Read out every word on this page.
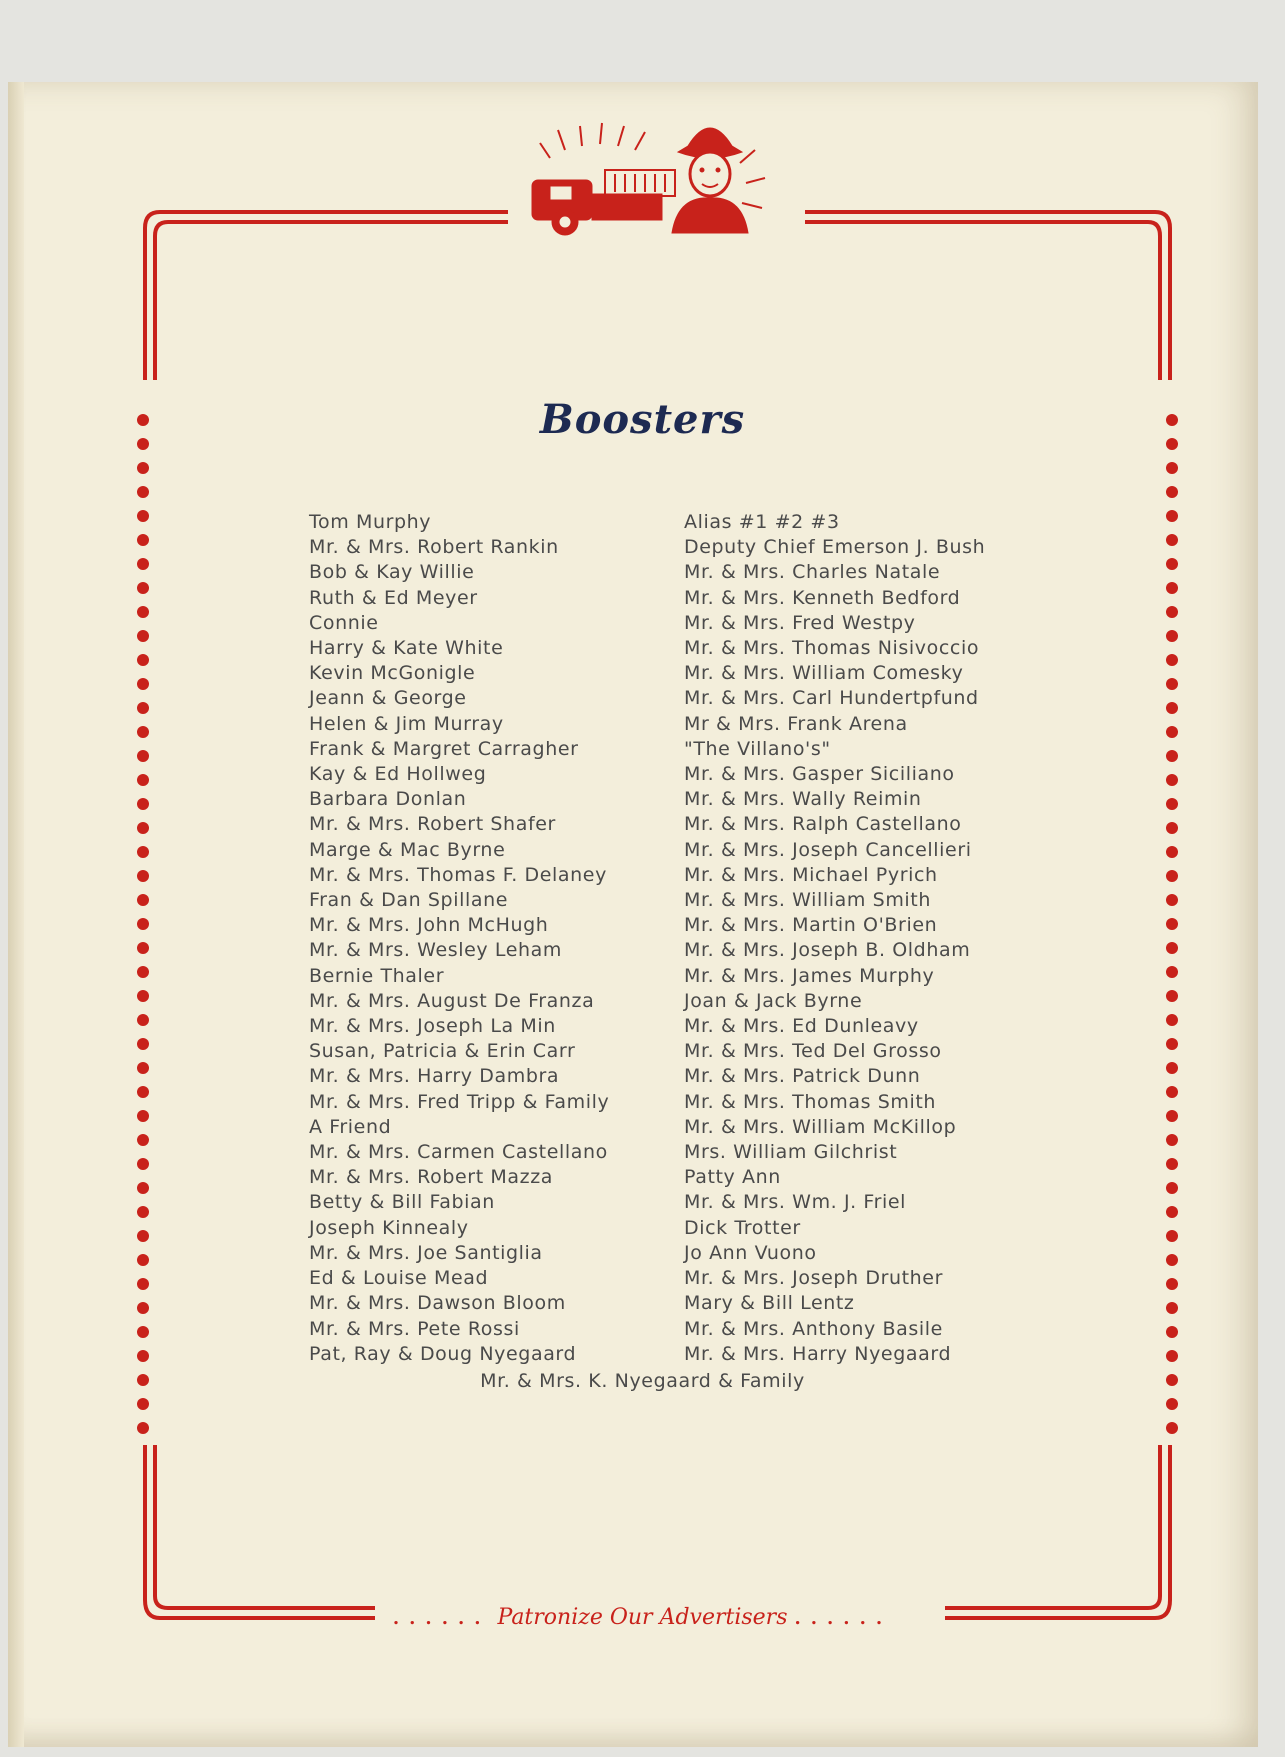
Boosters
Tom Murphy
Mr. & Mrs. Robert Rankin
Bob & Kay Willie
Ruth & Ed Meyer
Connie
Harry & Kate White
Kevin McGonigle
Jeann & George
Helen & Jim Murray
Frank & Margret Carragher
Kay & Ed Hollweg
Barbara Donlan
Mr. & Mrs. Robert Shafer
Marge & Mac Byrne
Mr. & Mrs. Thomas F. Delaney
Fran & Dan Spillane
Mr. & Mrs. John McHugh
Mr. & Mrs. Wesley Leham
Bernie Thaler
Mr. & Mrs. August De Franza
Mr. & Mrs. Joseph La Min
Susan, Patricia & Erin Carr
Mr. & Mrs. Harry Dambra
Mr. & Mrs. Fred Tripp & Family
A Friend
Mr. & Mrs. Carmen Castellano
Mr. & Mrs. Robert Mazza
Betty & Bill Fabian
Joseph Kinnealy
Mr. & Mrs. Joe Santiglia
Ed & Louise Mead
Mr. & Mrs. Dawson Bloom
Mr. & Mrs. Pete Rossi
Pat, Ray & Doug Nyegaard
Alias #1 #2 #3
Deputy Chief Emerson J. Bush
Mr. & Mrs. Charles Natale
Mr. & Mrs. Kenneth Bedford
Mr. & Mrs. Fred Westpy
Mr. & Mrs. Thomas Nisivoccio
Mr. & Mrs. William Comesky
Mr. & Mrs. Carl Hundertpfund
Mr & Mrs. Frank Arena
"The Villano's"
Mr. & Mrs. Gasper Siciliano
Mr. & Mrs. Wally Reimin
Mr. & Mrs. Ralph Castellano
Mr. & Mrs. Joseph Cancellieri
Mr. & Mrs. Michael Pyrich
Mr. & Mrs. William Smith
Mr. & Mrs. Martin O'Brien
Mr. & Mrs. Joseph B. Oldham
Mr. & Mrs. James Murphy
Joan & Jack Byrne
Mr. & Mrs. Ed Dunleavy
Mr. & Mrs. Ted Del Grosso
Mr. & Mrs. Patrick Dunn
Mr. & Mrs. Thomas Smith
Mr. & Mrs. William McKillop
Mrs. William Gilchrist
Patty Ann
Mr. & Mrs. Wm. J. Friel
Dick Trotter
Jo Ann Vuono
Mr. & Mrs. Joseph Druther
Mary & Bill Lentz
Mr. & Mrs. Anthony Basile
Mr. & Mrs. Harry Nyegaard
Mr. & Mrs. K. Nyegaard & Family
...... Patronize Our Advertisers ......
